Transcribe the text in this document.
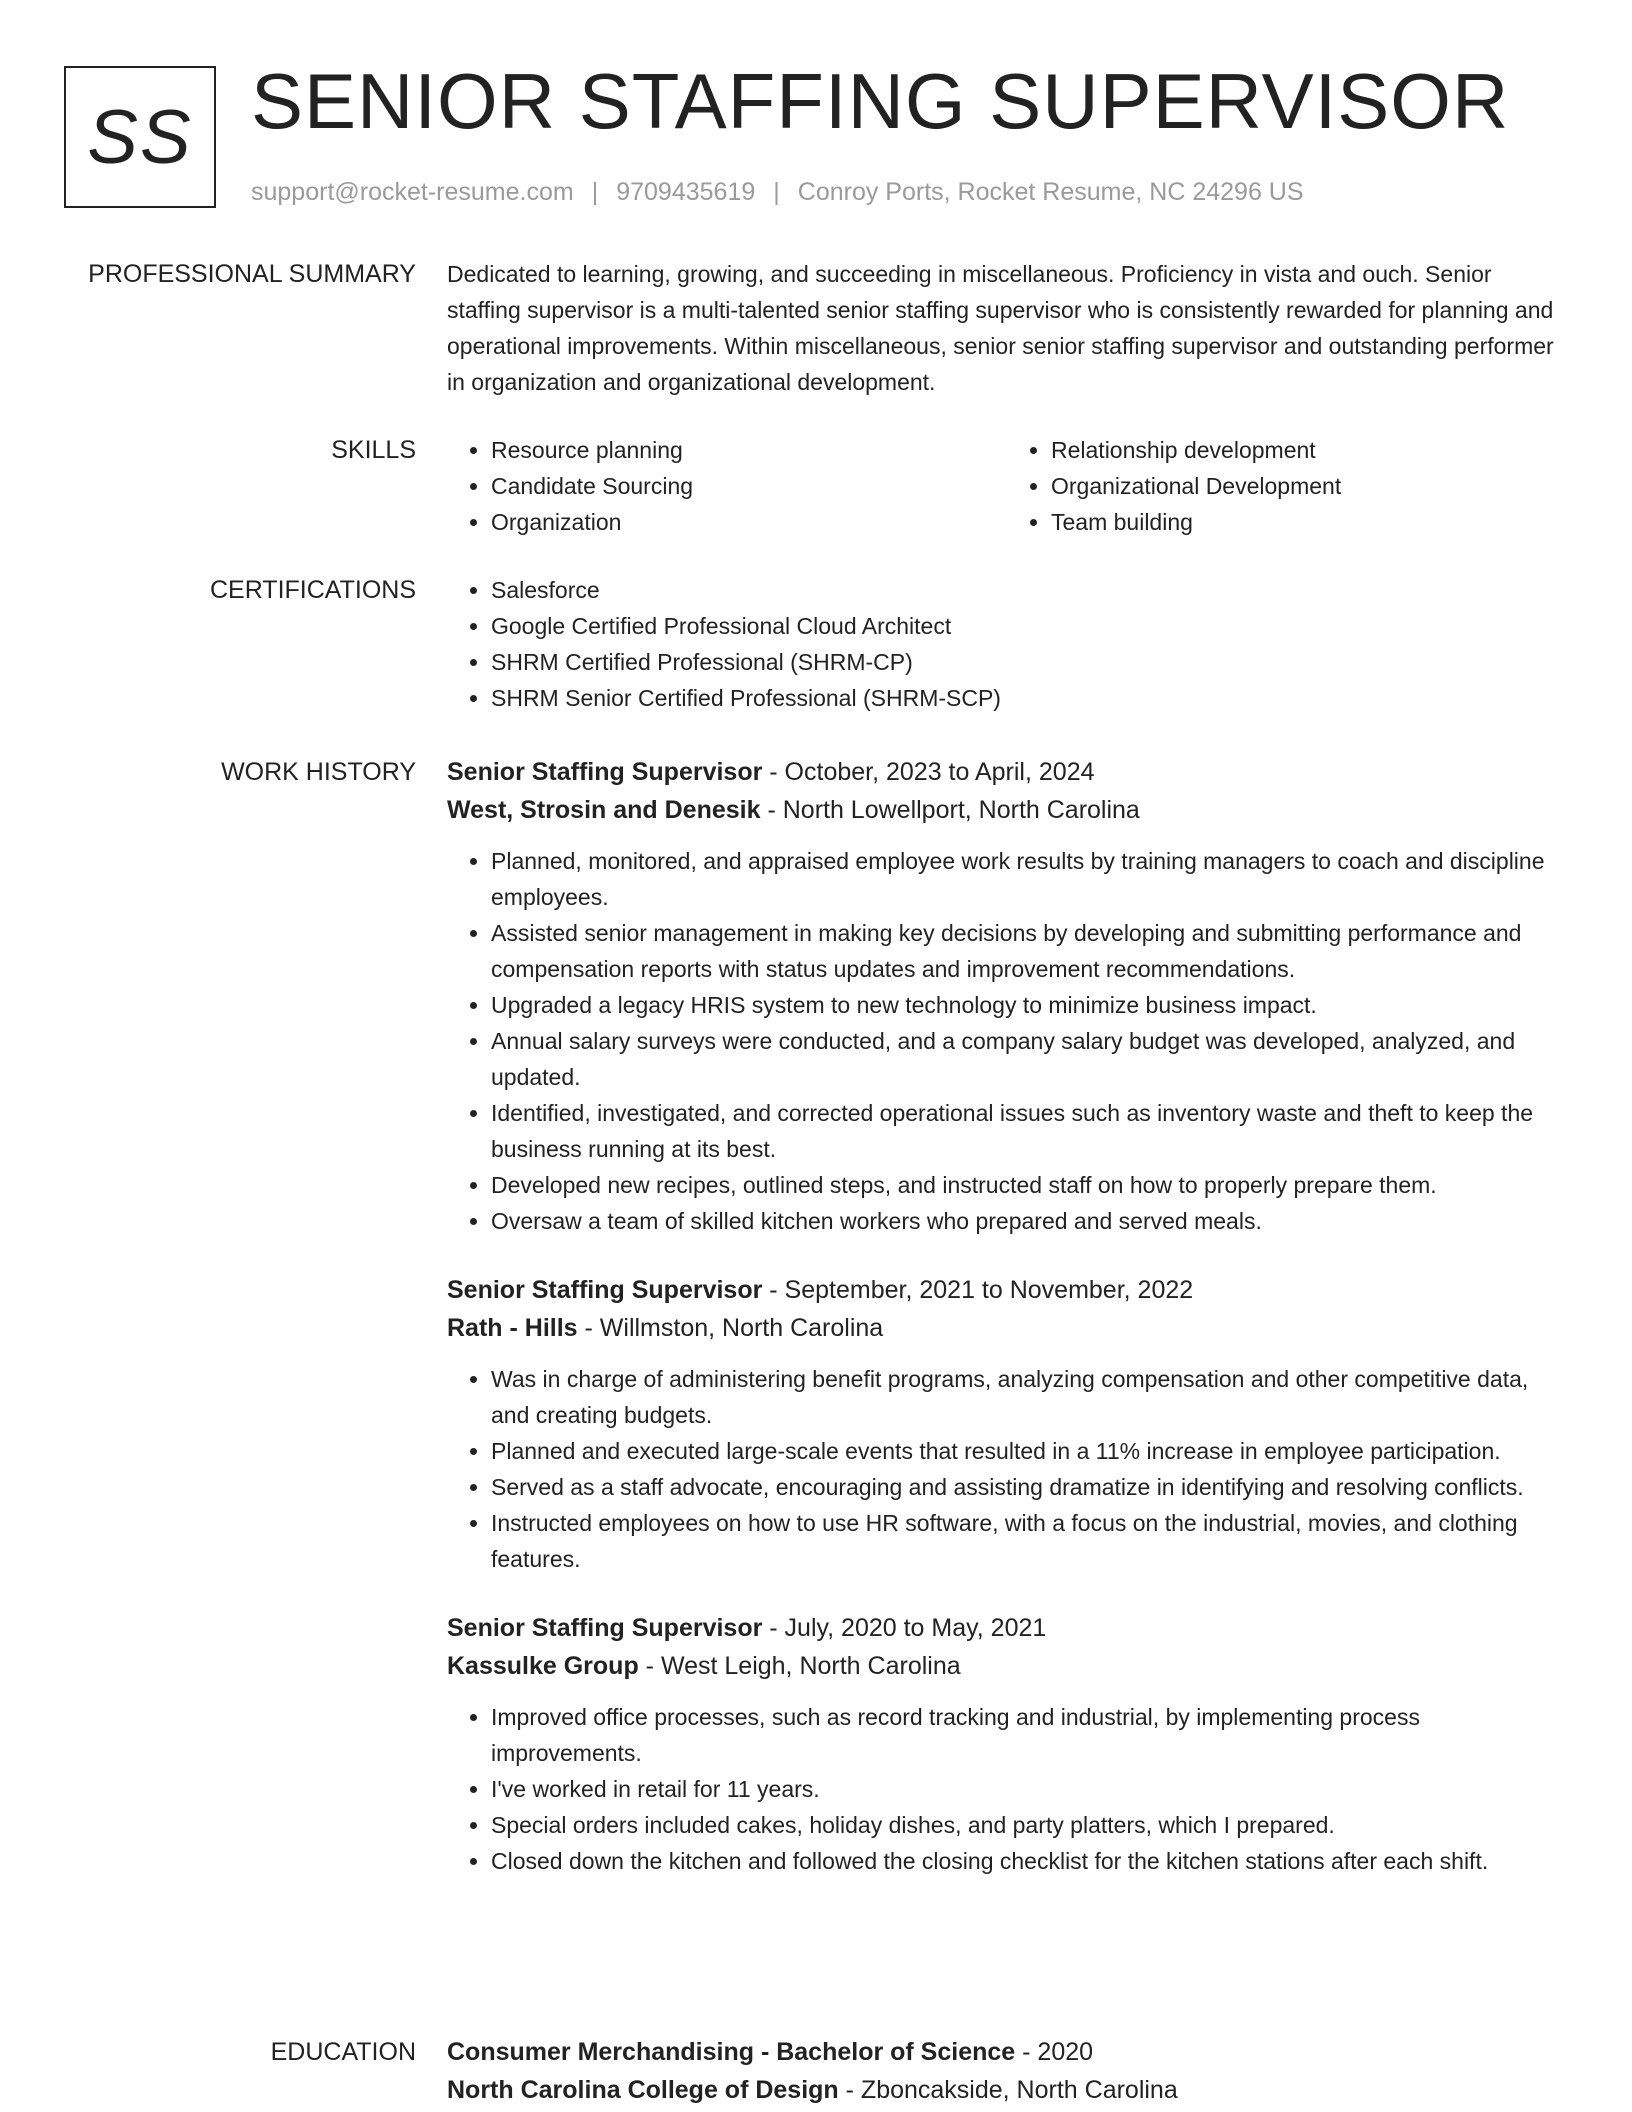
SS SENIOR STAFFING SUPERVISOR
support@rocket-resume.com | 9709435619 | Conroy Ports, Rocket Resume, NC 24296 US
PROFESSIONAL SUMMARY Dedicated to learning, growing, and succeeding in miscellaneous. Proficiency in vista and ouch. Senior staffing supervisor is a multi-talented senior staffing supervisor who is consistently rewarded for planning and operational improvements. Within miscellaneous, senior senior staffing supervisor and outstanding performer in organization and organizational development.

SKILLS	• Resource planning
• Candidate Sourcing
• Organization
• Relationship development
• Organizational Development
• Team building
CERTIFICATIONS	• Salesforce
• Google Certified Professional Cloud Architect
• SHRM Certified Professional (SHRM-CP)
• SHRM Senior Certified Professional (SHRM-SCP)
WORK HISTORY Senior Staffing Supervisor - October, 2023 to April, 2024
West, Strosin and Denesik - North Lowellport, North Carolina
• Planned, monitored, and appraised employee work results by training managers to coach and discipline employees.
• Assisted senior management in making key decisions by developing and submitting performance and compensation reports with status updates and improvement recommendations.
• Upgraded a legacy HRIS system to new technology to minimize business impact.
• Annual salary surveys were conducted, and a company salary budget was developed, analyzed, and updated.
• Identified, investigated, and corrected operational issues such as inventory waste and theft to keep the business running at its best.
• Developed new recipes, outlined steps, and instructed staff on how to properly prepare them.
• Oversaw a team of skilled kitchen workers who prepared and served meals.
Senior Staffing Supervisor - September, 2021 to November, 2022
Rath - Hills - Willmston, North Carolina
• Was in charge of administering benefit programs, analyzing compensation and other competitive data, and creating budgets.
• Planned and executed large-scale events that resulted in a 11% increase in employee participation.
• Served as a staff advocate, encouraging and assisting dramatize in identifying and resolving conflicts.
• Instructed employees on how to use HR software, with a focus on the industrial, movies, and clothing features.
Senior Staffing Supervisor - July, 2020 to May, 2021
Kassulke Group - West Leigh, North Carolina
• Improved office processes, such as record tracking and industrial, by implementing process improvements.
• I've worked in retail for 11 years.
• Special orders included cakes, holiday dishes, and party platters, which I prepared.
• Closed down the kitchen and followed the closing checklist for the kitchen stations after each shift.
EDUCATION Consumer Merchandising - Bachelor of Science - 2020
North Carolina College of Design - Zboncakside, North Carolina
